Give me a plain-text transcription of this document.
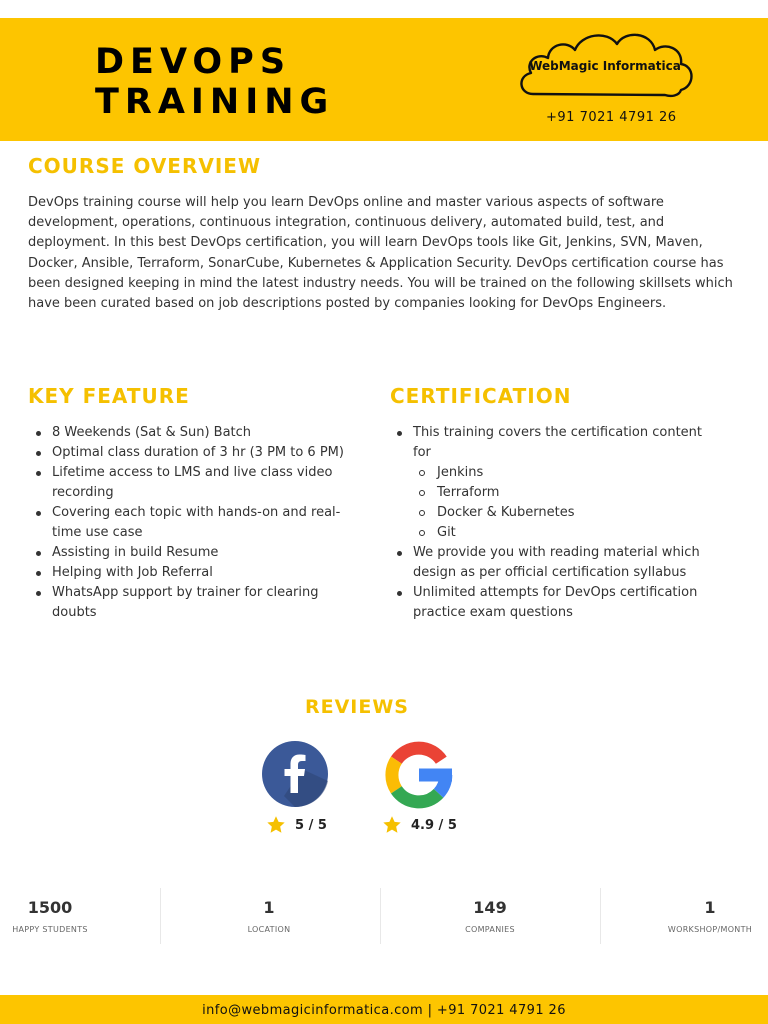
DEVOPS
TRAINING
WebMagic Informatica
+91 7021 4791 26
COURSE OVERVIEW

DevOps training course will help you learn DevOps online and master various aspects of software development, operations, continuous integration, continuous delivery, automated build, test, and deployment. In this best DevOps certification, you will learn DevOps tools like Git, Jenkins, SVN, Maven, Docker, Ansible, Terraform, SonarCube, Kubernetes & Application Security. DevOps certification course has been designed keeping in mind the latest industry needs. You will be trained on the following skillsets which have been curated based on job descriptions posted by companies looking for DevOps Engineers.

KEY FEATURE
8 Weekends (Sat & Sun) Batch
Optimal class duration of 3 hr (3 PM to 6 PM)
Lifetime access to LMS and live class video recording
Covering each topic with hands-on and real-time use case
Assisting in build Resume
Helping with Job Referral
WhatsApp support by trainer for clearing doubts
CERTIFICATION
This training covers the certification content for
Jenkins
Terraform
Docker & Kubernetes
Git
We provide you with reading material which design as per official certification syllabus
Unlimited attempts for DevOps certification practice exam questions
REVIEWS
5 / 5	4.9 / 5
1500
HAPPY STUDENTS
1
LOCATION
149
COMPANIES
1
WORKSHOP/MONTH
info@webmagicinformatica.com | +91 7021 4791 26
